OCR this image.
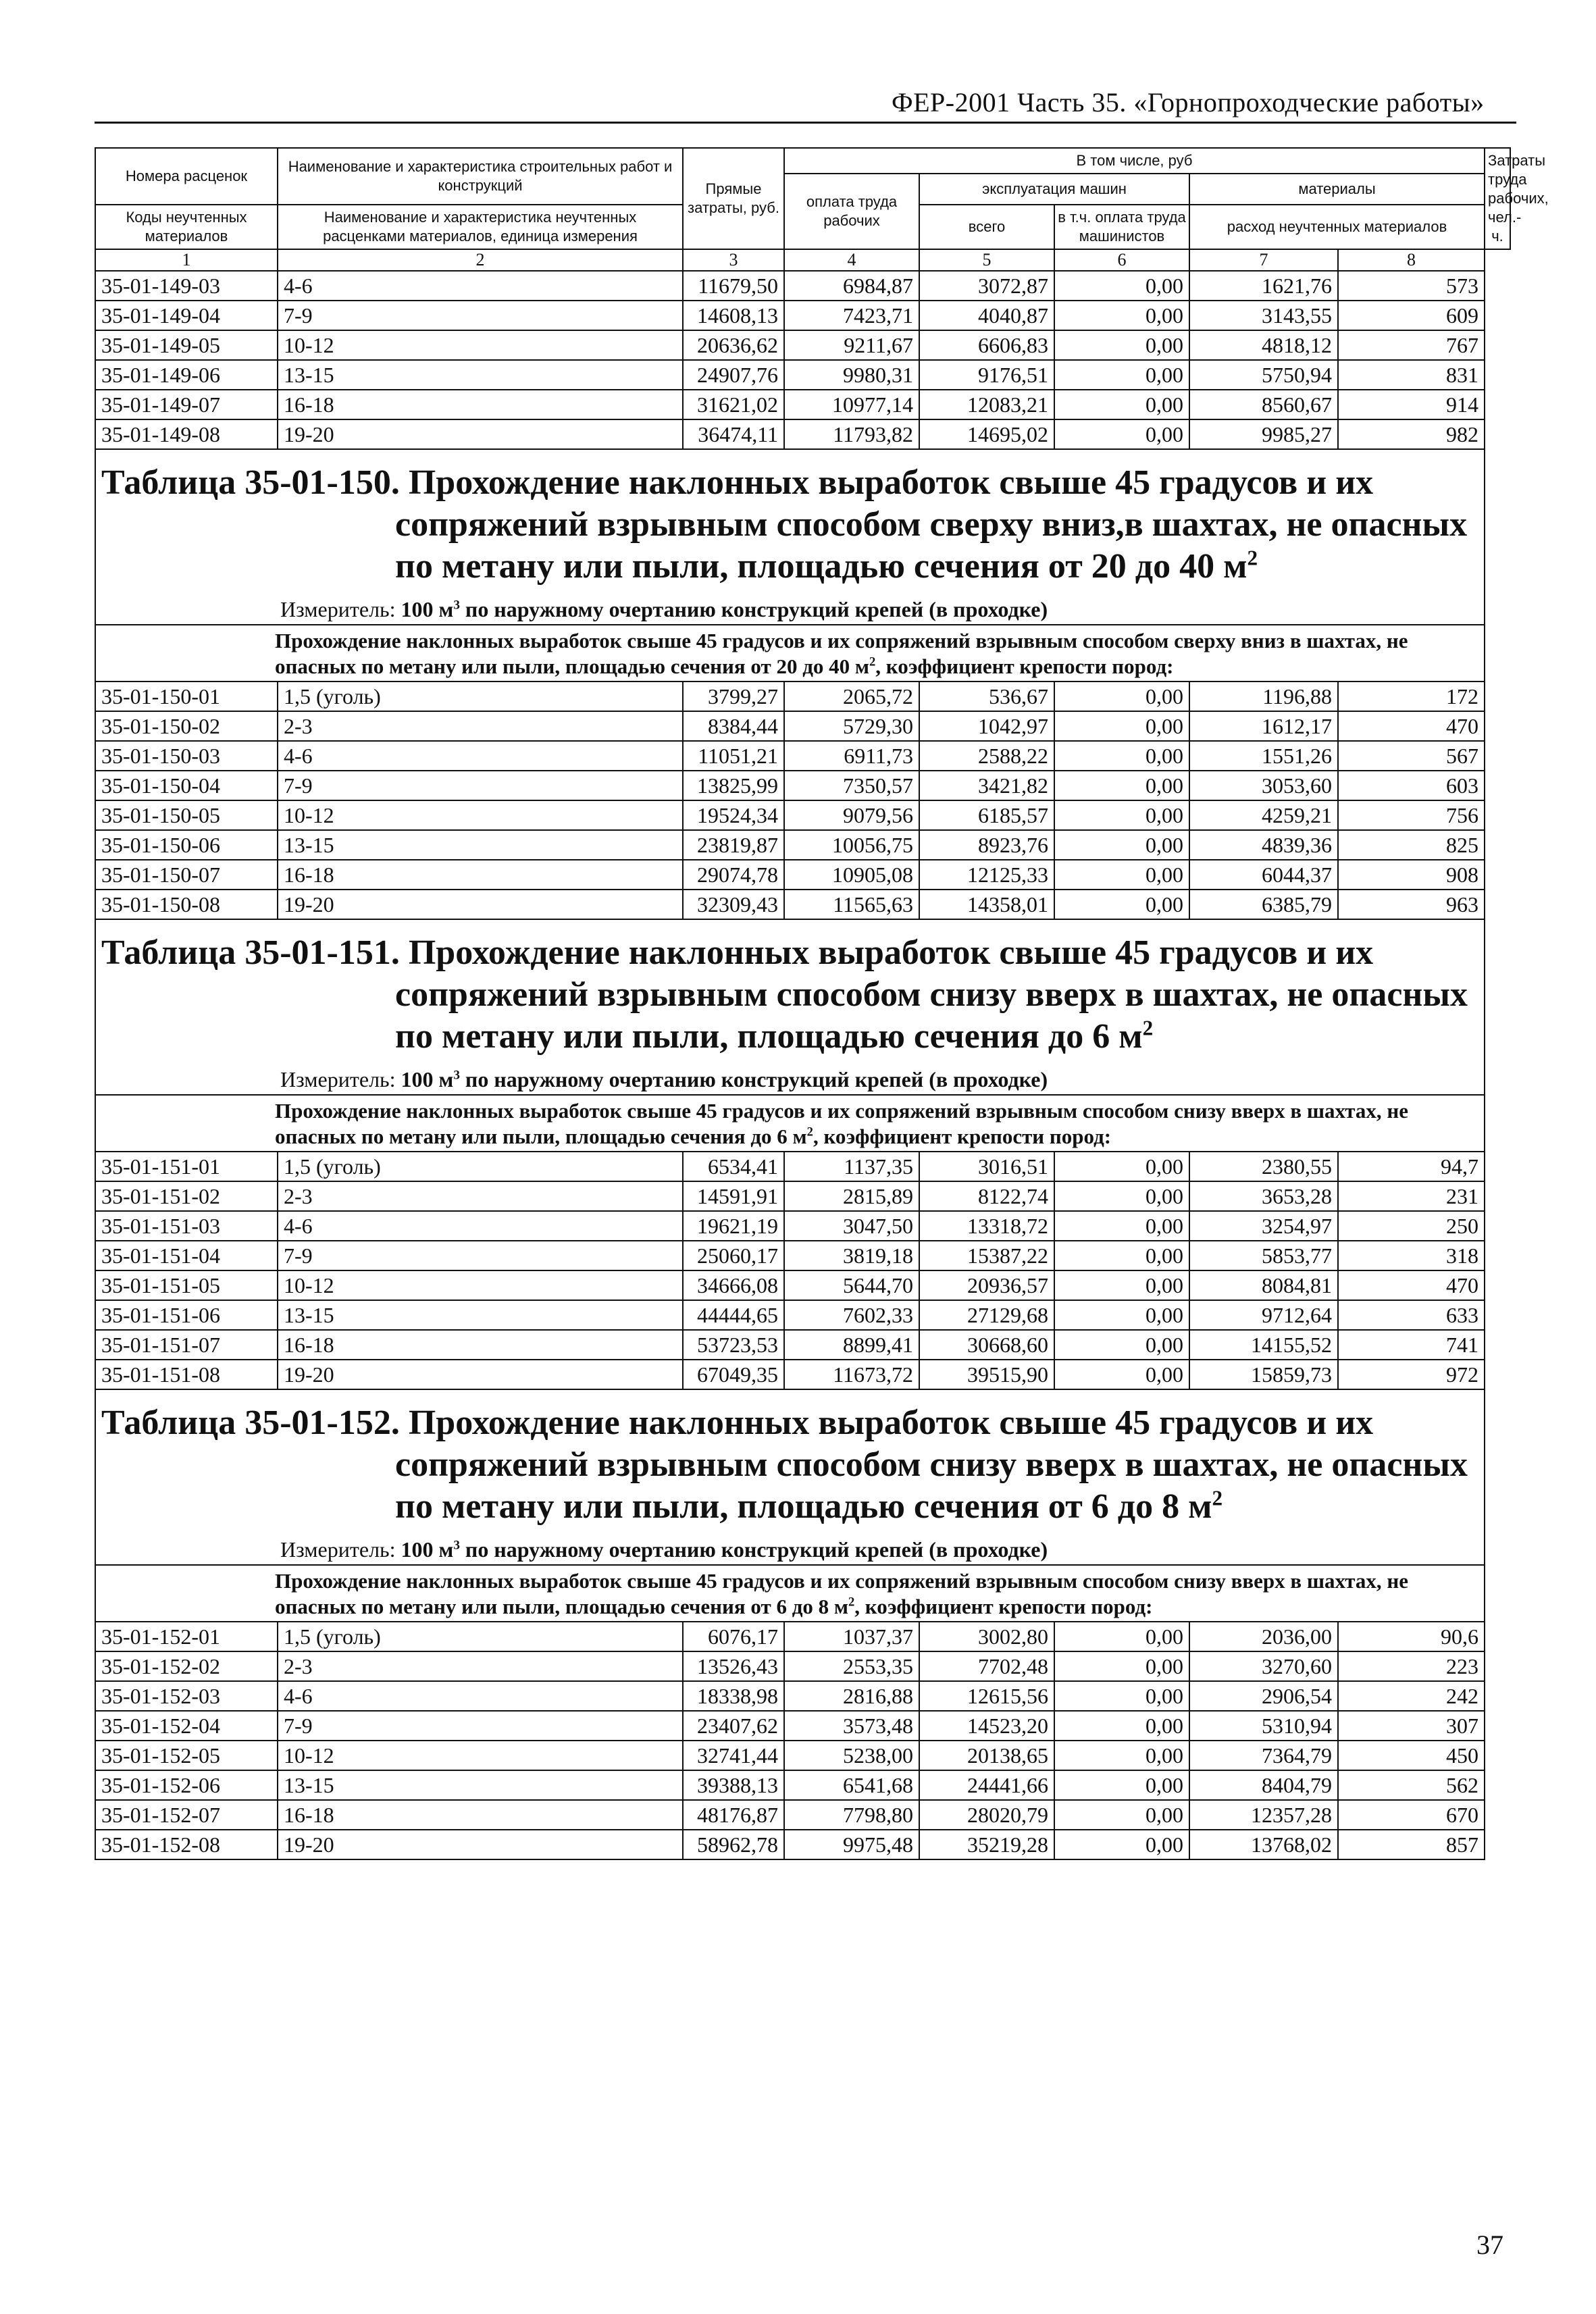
ФЕР-2001 Часть 35. «Горнопроходческие работы»
Номера расценок	Наименование и характеристика строительных работ и конструкций	Прямые затраты, руб.	В том числе, руб					Затраты труда рабочих, чел.-ч.
			оплата труда рабочих	эксплуатация машин		материалы		
Коды неучтенных материалов	Наименование и характеристика неучтенных расценками материалов, единица измерения			всего	в т.ч. оплата труда машинистов	расход неучтенных материалов		
1	2	3	4	5	6	7	8	
35-01-149-03	4-6	11679,50	6984,87	3072,87	0,00	1621,76	573	
35-01-149-04	7-9	14608,13	7423,71	4040,87	0,00	3143,55	609	
35-01-149-05	10-12	20636,62	9211,67	6606,83	0,00	4818,12	767	
35-01-149-06	13-15	24907,76	9980,31	9176,51	0,00	5750,94	831	
35-01-149-07	16-18	31621,02	10977,14	12083,21	0,00	8560,67	914	
35-01-149-08	19-20	36474,11	11793,82	14695,02	0,00	9985,27	982	

Таблица 35-01-150. Прохождение наклонных выработок свыше 45 градусов и их сопряжений взрывным способом сверху вниз,в шахтах, не опасных по метану или пыли, площадью сечения от 20 до 40 $м^2$
Измеритель: 100 $м^3$ по наружному очертанию конструкций крепей (в проходке)								

Прохождение наклонных выработок свыше 45 градусов и их сопряжений взрывным способом сверху вниз в шахтах, не опасных по метану или пыли, площадью сечения от 20 до 40 $м^2$, коэффициент крепости пород:								
35-01-150-01	1,5 (уголь)	3799,27	2065,72	536,67	0,00	1196,88	172	
35-01-150-02	2-3	8384,44	5729,30	1042,97	0,00	1612,17	470	
35-01-150-03	4-6	11051,21	6911,73	2588,22	0,00	1551,26	567	
35-01-150-04	7-9	13825,99	7350,57	3421,82	0,00	3053,60	603	
35-01-150-05	10-12	19524,34	9079,56	6185,57	0,00	4259,21	756	
35-01-150-06	13-15	23819,87	10056,75	8923,76	0,00	4839,36	825	
35-01-150-07	16-18	29074,78	10905,08	12125,33	0,00	6044,37	908	
35-01-150-08	19-20	32309,43	11565,63	14358,01	0,00	6385,79	963	

Таблица 35-01-151. Прохождение наклонных выработок свыше 45 градусов и их сопряжений взрывным способом снизу вверх в шахтах, не опасных по метану или пыли, площадью сечения до 6 $м^2$
Измеритель: 100 $м^3$ по наружному очертанию конструкций крепей (в проходке)								

Прохождение наклонных выработок свыше 45 градусов и их сопряжений взрывным способом снизу вверх в шахтах, не опасных по метану или пыли, площадью сечения до 6 $м^2$, коэффициент крепости пород:								
35-01-151-01	1,5 (уголь)	6534,41	1137,35	3016,51	0,00	2380,55	94,7	
35-01-151-02	2-3	14591,91	2815,89	8122,74	0,00	3653,28	231	
35-01-151-03	4-6	19621,19	3047,50	13318,72	0,00	3254,97	250	
35-01-151-04	7-9	25060,17	3819,18	15387,22	0,00	5853,77	318	
35-01-151-05	10-12	34666,08	5644,70	20936,57	0,00	8084,81	470	
35-01-151-06	13-15	44444,65	7602,33	27129,68	0,00	9712,64	633	
35-01-151-07	16-18	53723,53	8899,41	30668,60	0,00	14155,52	741	
35-01-151-08	19-20	67049,35	11673,72	39515,90	0,00	15859,73	972	

Таблица 35-01-152. Прохождение наклонных выработок свыше 45 градусов и их сопряжений взрывным способом снизу вверх в шахтах, не опасных по метану или пыли, площадью сечения от 6 до 8 $м^2$
Измеритель: 100 $м^3$ по наружному очертанию конструкций крепей (в проходке)								

Прохождение наклонных выработок свыше 45 градусов и их сопряжений взрывным способом снизу вверх в шахтах, не опасных по метану или пыли, площадью сечения от 6 до 8 $м^2$, коэффициент крепости пород:								
35-01-152-01	1,5 (уголь)	6076,17	1037,37	3002,80	0,00	2036,00	90,6	
35-01-152-02	2-3	13526,43	2553,35	7702,48	0,00	3270,60	223	
35-01-152-03	4-6	18338,98	2816,88	12615,56	0,00	2906,54	242	
35-01-152-04	7-9	23407,62	3573,48	14523,20	0,00	5310,94	307	
35-01-152-05	10-12	32741,44	5238,00	20138,65	0,00	7364,79	450	
35-01-152-06	13-15	39388,13	6541,68	24441,66	0,00	8404,79	562	
35-01-152-07	16-18	48176,87	7798,80	28020,79	0,00	12357,28	670	
35-01-152-08	19-20	58962,78	9975,48	35219,28	0,00	13768,02	857	
37
